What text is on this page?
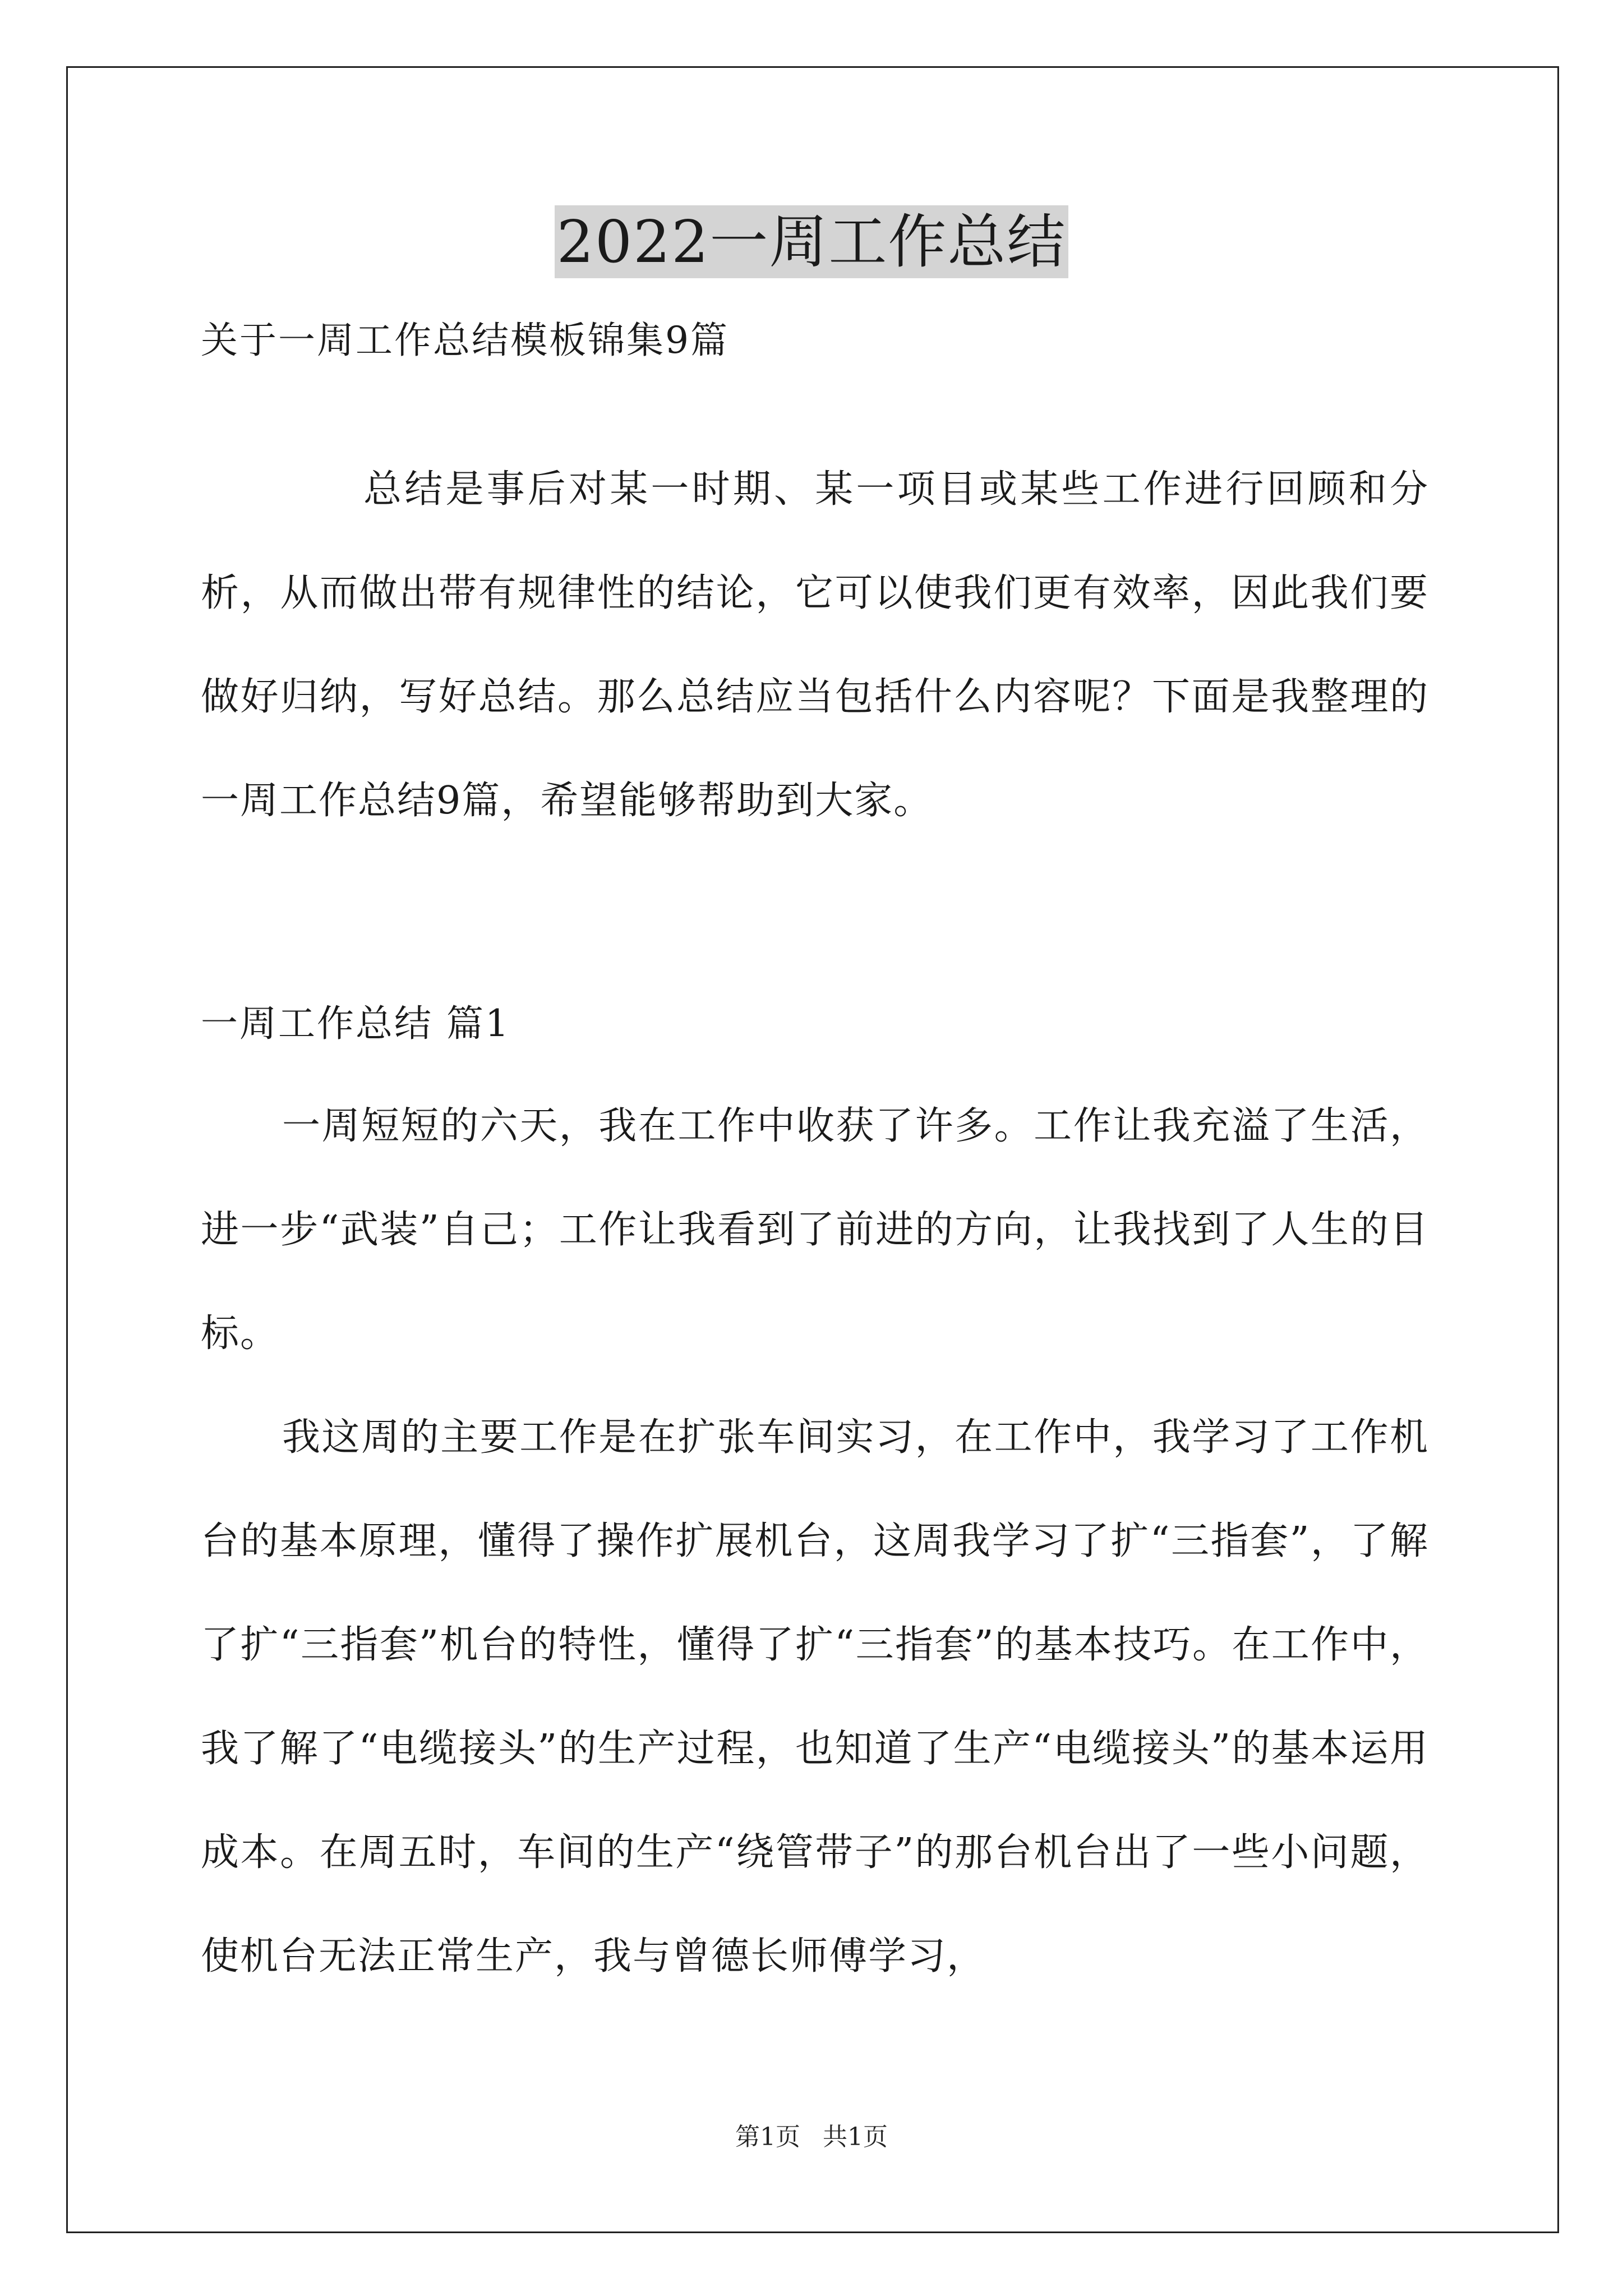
2022一周工作总结
关于一周工作总结模板锦集9篇

总结是事后对某一时期、某一项目或某些工作进行回顾和分析，从而做出带有规律性的结论，它可以使我们更有效率，因此我们要做好归纳，写好总结。那么总结应当包括什么内容呢？下面是我整理的一周工作总结9篇，希望能够帮助到大家。

一周工作总结 篇1

一周短短的六天，我在工作中收获了许多。工作让我充溢了生活，进一步“武装”自己；工作让我看到了前进的方向，让我找到了人生的目标。

我这周的主要工作是在扩张车间实习，在工作中，我学习了工作机台的基本原理，懂得了操作扩展机台，这周我学习了扩“三指套”，了解了扩“三指套”机台的特性，懂得了扩“三指套”的基本技巧。在工作中，我了解了“电缆接头”的生产过程，也知道了生产“电缆接头”的基本运用成本。在周五时，车间的生产“绕管带子”的那台机台出了一些小问题，使机台无法正常生产，我与曾德长师傅学习，

第1页 共1页
